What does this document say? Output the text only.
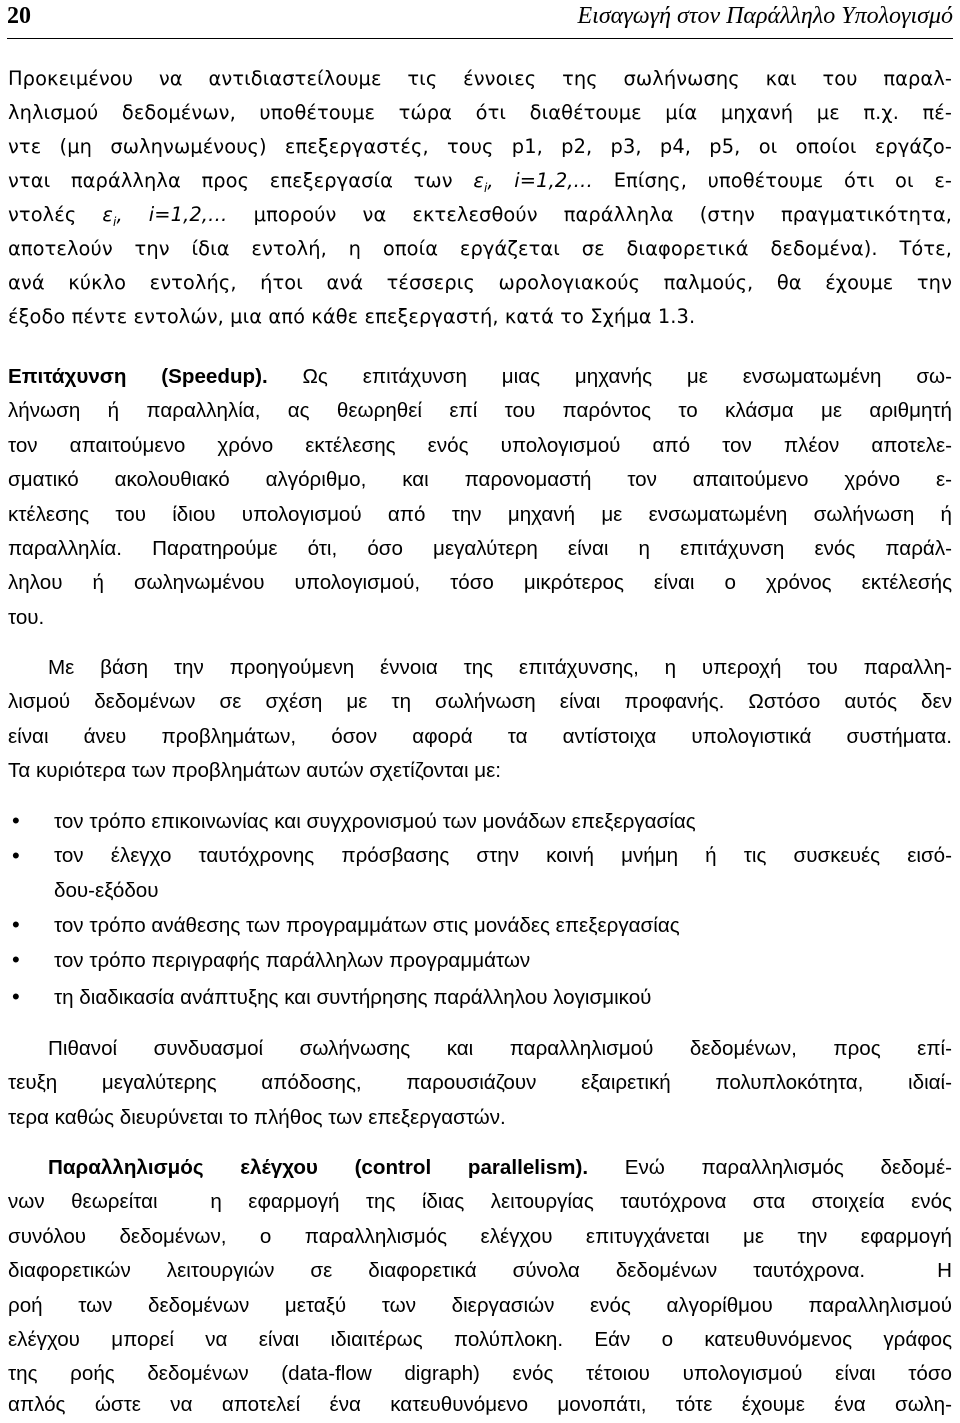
20	Εισαγωγή στον Παράλληλο Υπολογισμό

Προκειμένου να αντιδιαστείλουμε τις έννοιες της σωλήνωσης και του παραλ-

ληλισμού δεδομένων, υποθέτουμε τώρα ότι διαθέτουμε μία μηχανή με π.χ. πέ-

ντε (μη σωληνωμένους) επεξεργαστές, τους p1, p2, p3, p4, p5, οι οποίοι εργάζο-

νται παράλληλα προς επεξεργασία των $\varepsilon_i$, i=1,2,… Επίσης, υποθέτουμε ότι οι ε-

ντολές $\varepsilon_i$, i=1,2,… μπορούν να εκτελεσθούν παράλληλα (στην πραγματικότητα,

αποτελούν την ίδια εντολή, η οποία εργάζεται σε διαφορετικά δεδομένα). Τότε,

ανά κύκλο εντολής, ήτοι ανά τέσσερις ωρολογιακούς παλμούς, θα έχουμε την

έξοδο πέντε εντολών, μια από κάθε επεξεργαστή, κατά το Σχήμα 1.3.

Επιτάχυνση (Speedup). Ως επιτάχυνση μιας μηχανής με ενσωματωμένη σω-

λήνωση ή παραλληλία, ας θεωρηθεί επί του παρόντος το κλάσμα με αριθμητή

τον απαιτούμενο χρόνο εκτέλεσης ενός υπολογισμού από τον πλέον αποτελε-

σματικό ακολουθιακό αλγόριθμο, και παρονομαστή τον απαιτούμενο χρόνο ε-

κτέλεσης του ίδιου υπολογισμού από την μηχανή με ενσωματωμένη σωλήνωση ή

παραλληλία. Παρατηρούμε ότι, όσο μεγαλύτερη είναι η επιτάχυνση ενός παράλ-

ληλου ή σωληνωμένου υπολογισμού, τόσο μικρότερος είναι ο χρόνος εκτέλεσής

του.

Με βάση την προηγούμενη έννοια της επιτάχυνσης, η υπεροχή του παραλλη-

λισμού δεδομένων σε σχέση με τη σωλήνωση είναι προφανής. Ωστόσο αυτός δεν

είναι άνευ προβλημάτων, όσον αφορά τα αντίστοιχα υπολογιστικά συστήματα.

Τα κυριότερα των προβλημάτων αυτών σχετίζονται με:

• τον τρόπο επικοινωνίας και συγχρονισμού των μονάδων επεξεργασίας
• τον έλεγχο ταυτόχρονης πρόσβασης στην κοινή μνήμη ή τις συσκευές εισό-

δου-εξόδου
• τον τρόπο ανάθεσης των προγραμμάτων στις μονάδες επεξεργασίας
• τον τρόπο περιγραφής παράλληλων προγραμμάτων
• τη διαδικασία ανάπτυξης και συντήρησης παράλληλου λογισμικού

Πιθανοί συνδυασμοί σωλήνωσης και παραλληλισμού δεδομένων, προς επί-

τευξη μεγαλύτερης απόδοσης, παρουσιάζουν εξαιρετική πολυπλοκότητα, ιδιαί-

τερα καθώς διευρύνεται το πλήθος των επεξεργαστών.

Παραλληλισμός ελέγχου (control parallelism). Ενώ παραλληλισμός δεδομέ-

νων θεωρείται  η εφαρμογή της ίδιας λειτουργίας ταυτόχρονα στα στοιχεία ενός

συνόλου δεδομένων, ο παραλληλισμός ελέγχου επιτυγχάνεται με την εφαρμογή

διαφορετικών λειτουργιών σε διαφορετικά σύνολα δεδομένων ταυτόχρονα.  Η

ροή των δεδομένων μεταξύ των διεργασιών ενός αλγορίθμου παραλληλισμού

ελέγχου μπορεί να είναι ιδιαιτέρως πολύπλοκη. Εάν ο κατευθυνόμενος γράφος

της ροής δεδομένων (data-flow digraph) ενός τέτοιου υπολογισμού είναι τόσο

απλός ώστε να αποτελεί ένα κατευθυνόμενο μονοπάτι, τότε έχουμε ένα σωλη-
